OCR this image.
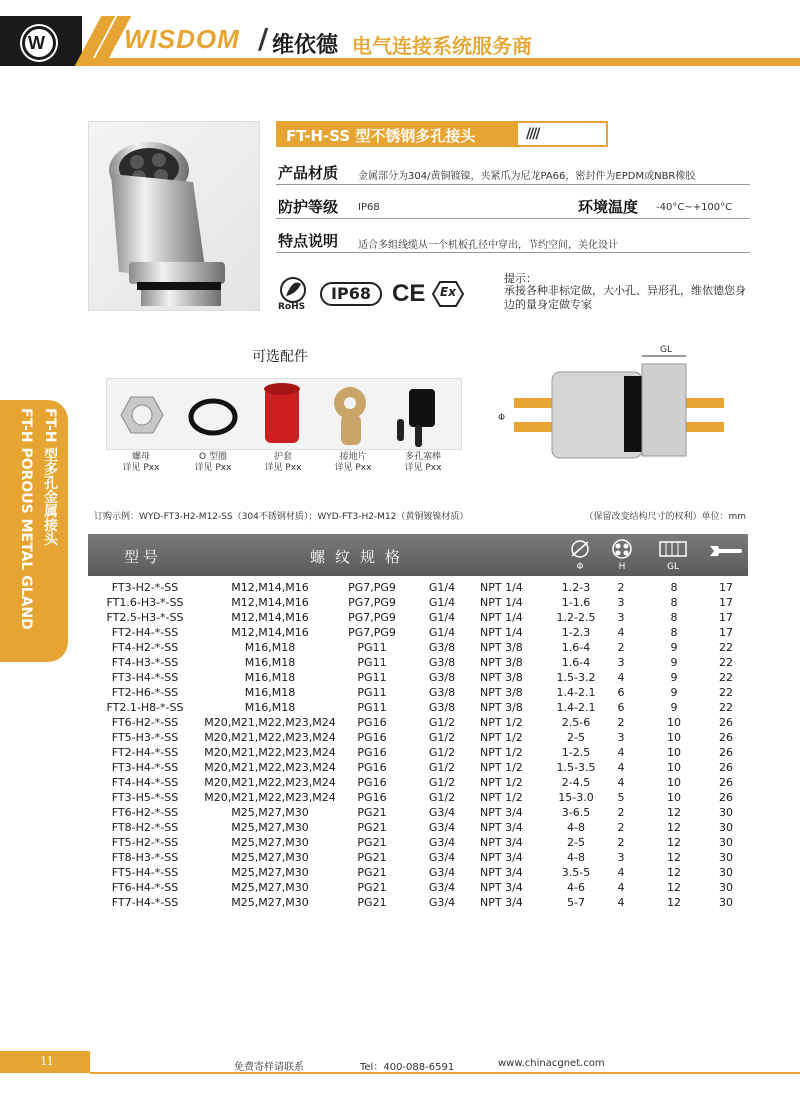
W	WISDOM / 维依德 电气连接系统服务商
FT-H-SS 型不锈钢多孔接头	////
产品材质 金属部分为304/黄铜镀镍，夹紧爪为尼龙PA66，密封件为EPDM或NBR橡胶
防护等级 IP68	环境温度 -40°C~+100°C
特点说明 适合多组线缆从一个机板孔径中穿出，节约空间，美化设计
RoHS
IP68 CE Ex
提示：
承接各种非标定做，大小孔、异形孔，维依德您身边的量身定做专家
可选配件
螺母
详见 Pxx
O 型圈
详见 Pxx
护套
详见 Pxx
接地片
详见 Pxx
多孔塞棒
详见 Pxx
GL
Φ
订购示例：WYD-FT3-H2-M12-SS（304不锈钢材质）；WYD-FT3-H2-M12（黄铜镀镍材质）	（保留改变结构尺寸的权利）单位：mm
型号	螺纹规格
Φ	H	GL
FT3-H2-*-SS	M12,M14,M16	PG7,PG9	G1/4	NPT 1/4	1.2-3	2	8	17
FT1.6-H3-*-SS	M12,M14,M16	PG7,PG9	G1/4	NPT 1/4	1-1.6	3	8	17
FT2.5-H3-*-SS	M12,M14,M16	PG7,PG9	G1/4	NPT 1/4	1.2-2.5	3	8	17
FT2-H4-*-SS	M12,M14,M16	PG7,PG9	G1/4	NPT 1/4	1-2.3	4	8	17
FT4-H2-*-SS	M16,M18	PG11	G3/8	NPT 3/8	1.6-4	2	9	22
FT4-H3-*-SS	M16,M18	PG11	G3/8	NPT 3/8	1.6-4	3	9	22
FT3-H4-*-SS	M16,M18	PG11	G3/8	NPT 3/8	1.5-3.2	4	9	22
FT2-H6-*-SS	M16,M18	PG11	G3/8	NPT 3/8	1.4-2.1	6	9	22
FT2.1-H8-*-SS	M16,M18	PG11	G3/8	NPT 3/8	1.4-2.1	6	9	22
FT6-H2-*-SS	M20,M21,M22,M23,M24	PG16	G1/2	NPT 1/2	2.5-6	2	10	26
FT5-H3-*-SS	M20,M21,M22,M23,M24	PG16	G1/2	NPT 1/2	2-5	3	10	26
FT2-H4-*-SS	M20,M21,M22,M23,M24	PG16	G1/2	NPT 1/2	1-2.5	4	10	26
FT3-H4-*-SS	M20,M21,M22,M23,M24	PG16	G1/2	NPT 1/2	1.5-3.5	4	10	26
FT4-H4-*-SS	M20,M21,M22,M23,M24	PG16	G1/2	NPT 1/2	2-4.5	4	10	26
FT3-H5-*-SS	M20,M21,M22,M23,M24	PG16	G1/2	NPT 1/2	15-3.0	5	10	26
FT6-H2-*-SS	M25,M27,M30	PG21	G3/4	NPT 3/4	3-6.5	2	12	30
FT8-H2-*-SS	M25,M27,M30	PG21	G3/4	NPT 3/4	4-8	2	12	30
FT5-H2-*-SS	M25,M27,M30	PG21	G3/4	NPT 3/4	2-5	2	12	30
FT8-H3-*-SS	M25,M27,M30	PG21	G3/4	NPT 3/4	4-8	3	12	30
FT5-H4-*-SS	M25,M27,M30	PG21	G3/4	NPT 3/4	3.5-5	4	12	30
FT6-H4-*-SS	M25,M27,M30	PG21	G3/4	NPT 3/4	4-6	4	12	30
FT7-H4-*-SS	M25,M27,M30	PG21	G3/4	NPT 3/4	5-7	4	12	30
FT-H 型多孔金属接头
FT-H POROUS METAL GLAND
11	免费寄样请联系	Tel：400-088-6591	www.chinacgnet.com
